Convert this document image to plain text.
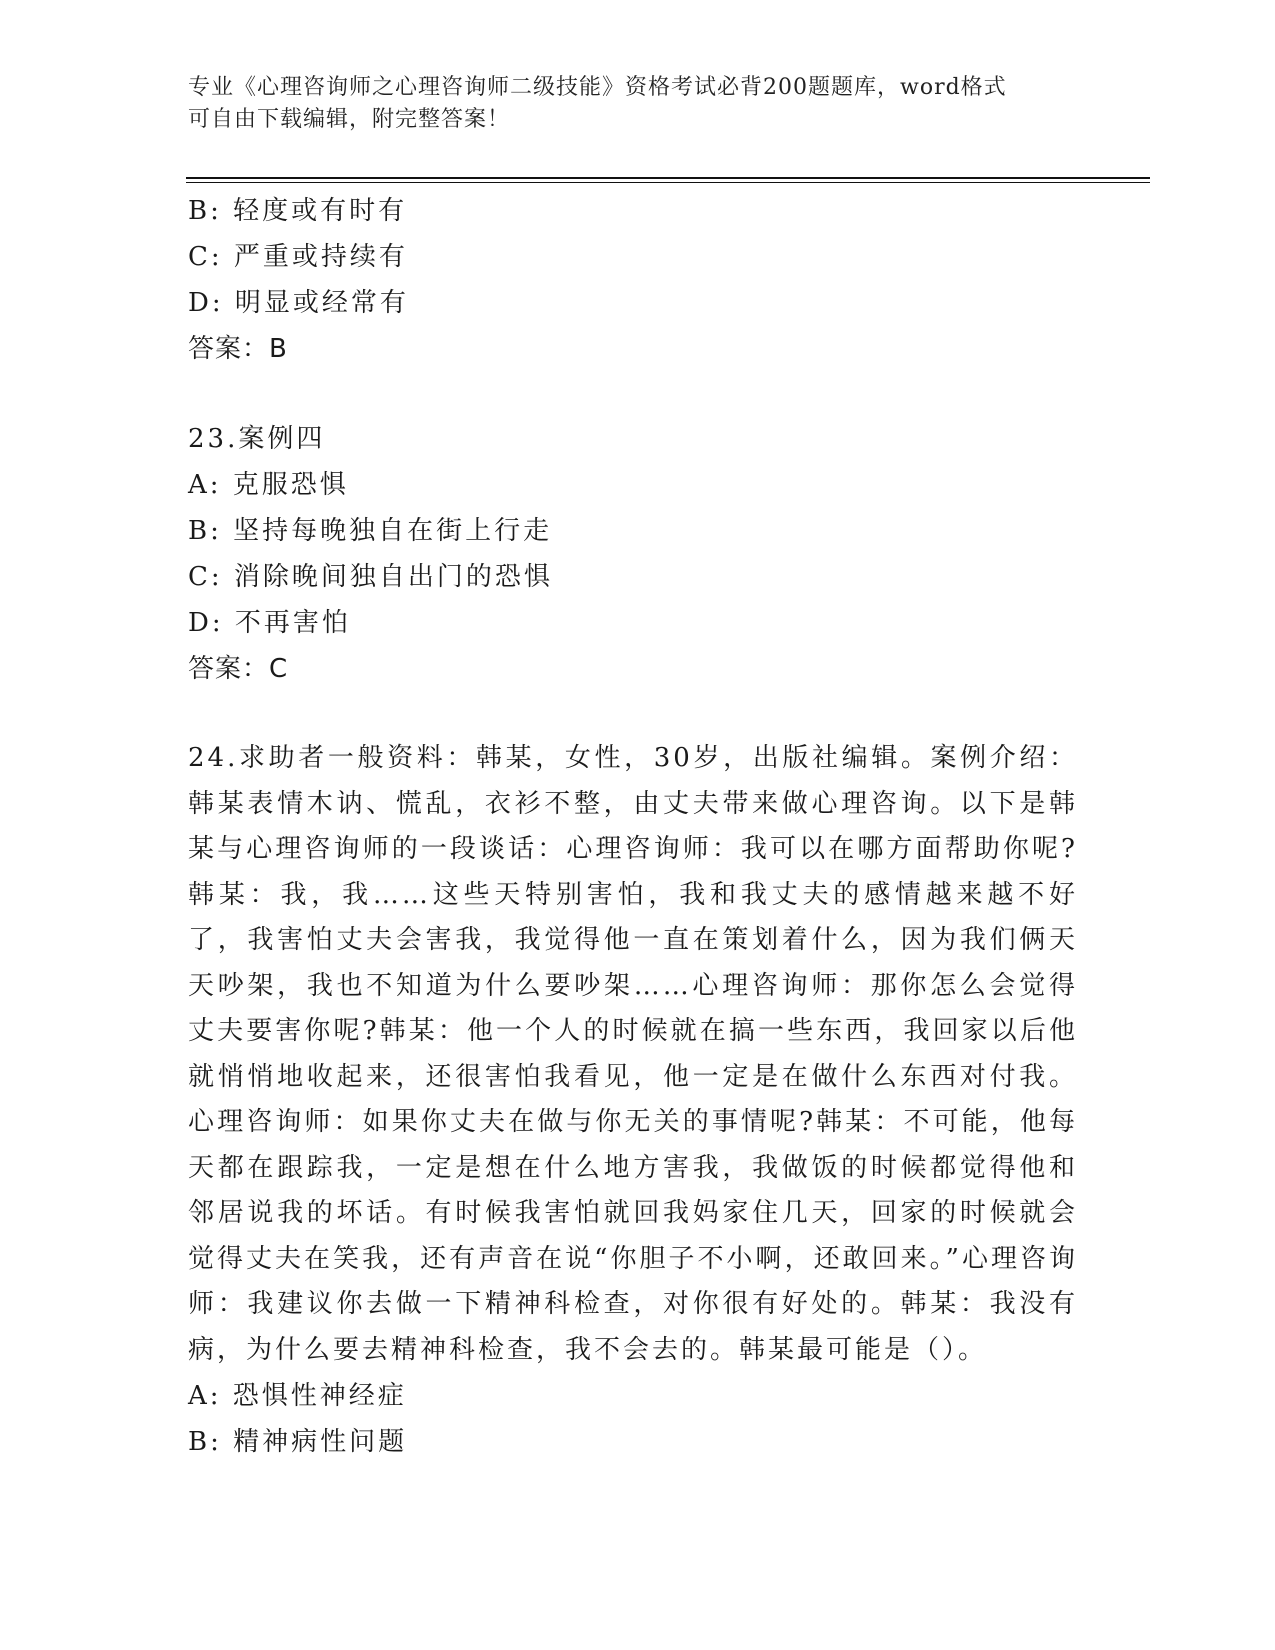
专业《心理咨询师之心理咨询师二级技能》资格考试必背200题题库，word格式
可自由下载编辑，附完整答案！
B: 轻度或有时有
C: 严重或持续有
D: 明显或经常有
答案：B
23.案例四
A: 克服恐惧
B: 坚持每晚独自在街上行走
C: 消除晚间独自出门的恐惧
D: 不再害怕
答案：C
24.求助者一般资料：韩某，女性，30岁，出版社编辑。案例介绍：韩某表情木讷、慌乱，衣衫不整，由丈夫带来做心理咨询。以下是韩某与心理咨询师的一段谈话：心理咨询师：我可以在哪方面帮助你呢?韩某：我，我……这些天特别害怕，我和我丈夫的感情越来越不好了，我害怕丈夫会害我，我觉得他一直在策划着什么，因为我们俩天天吵架，我也不知道为什么要吵架……心理咨询师：那你怎么会觉得丈夫要害你呢?韩某：他一个人的时候就在搞一些东西，我回家以后他就悄悄地收起来，还很害怕我看见，他一定是在做什么东西对付我。心理咨询师：如果你丈夫在做与你无关的事情呢?韩某：不可能，他每天都在跟踪我，一定是想在什么地方害我，我做饭的时候都觉得他和邻居说我的坏话。有时候我害怕就回我妈家住几天，回家的时候就会觉得丈夫在笑我，还有声音在说“你胆子不小啊，还敢回来。”心理咨询师：我建议你去做一下精神科检查，对你很有好处的。韩某：我没有病，为什么要去精神科检查，我不会去的。韩某最可能是（）。
A: 恐惧性神经症
B: 精神病性问题
